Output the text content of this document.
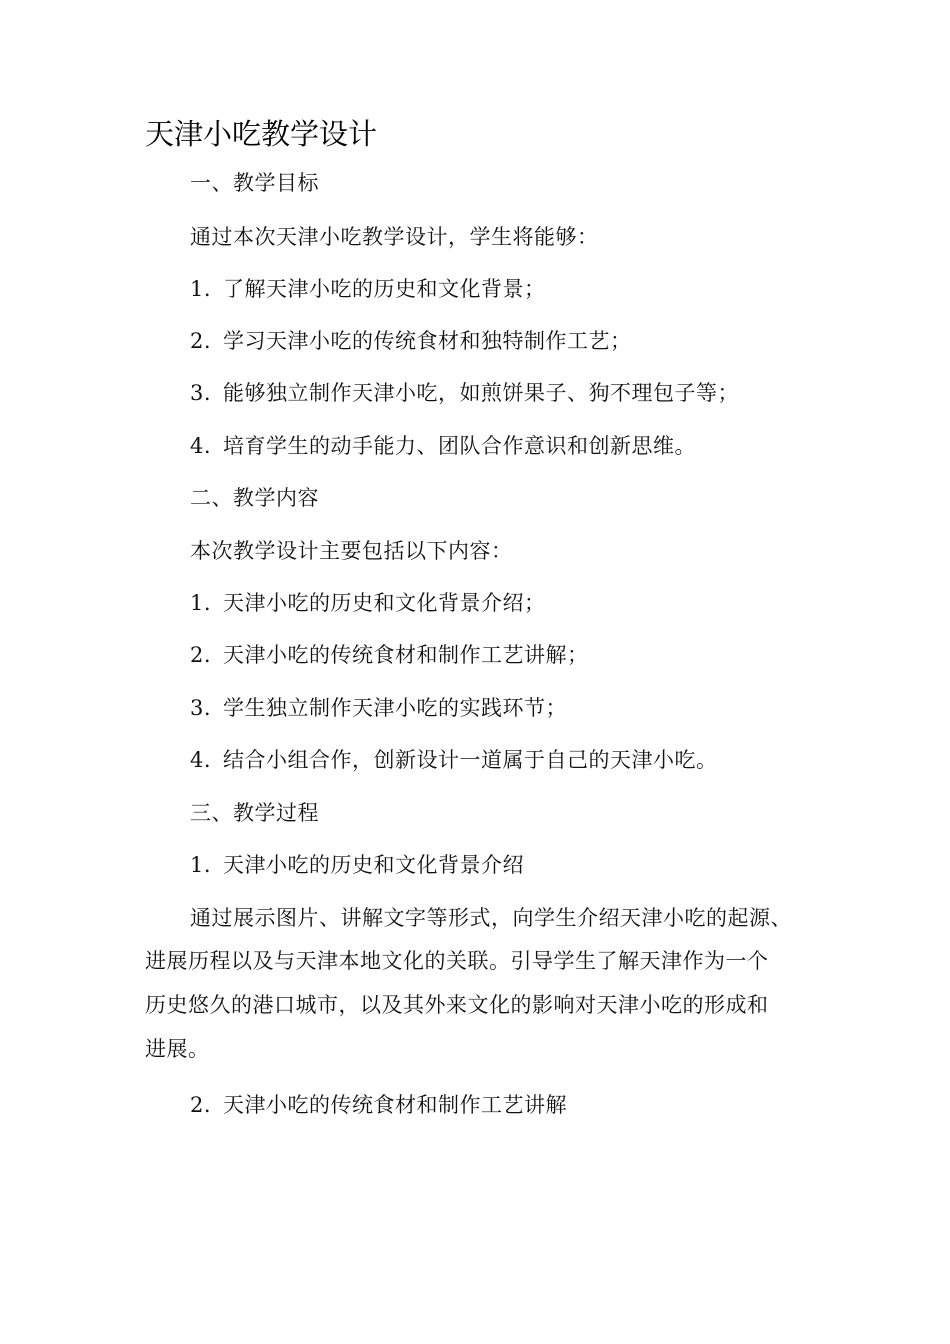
天津小吃教学设计
一、教学目标
通过本次天津小吃教学设计，学生将能够：
1. 了解天津小吃的历史和文化背景；
2. 学习天津小吃的传统食材和独特制作工艺；
3. 能够独立制作天津小吃，如煎饼果子、狗不理包子等；
4. 培育学生的动手能力、团队合作意识和创新思维。
二、教学内容
本次教学设计主要包括以下内容：
1. 天津小吃的历史和文化背景介绍；
2. 天津小吃的传统食材和制作工艺讲解；
3. 学生独立制作天津小吃的实践环节；
4. 结合小组合作，创新设计一道属于自己的天津小吃。
三、教学过程
1. 天津小吃的历史和文化背景介绍
通过展示图片、讲解文字等形式，向学生介绍天津小吃的起源、
进展历程以及与天津本地文化的关联。引导学生了解天津作为一个
历史悠久的港口城市，以及其外来文化的影响对天津小吃的形成和
进展。
2. 天津小吃的传统食材和制作工艺讲解
